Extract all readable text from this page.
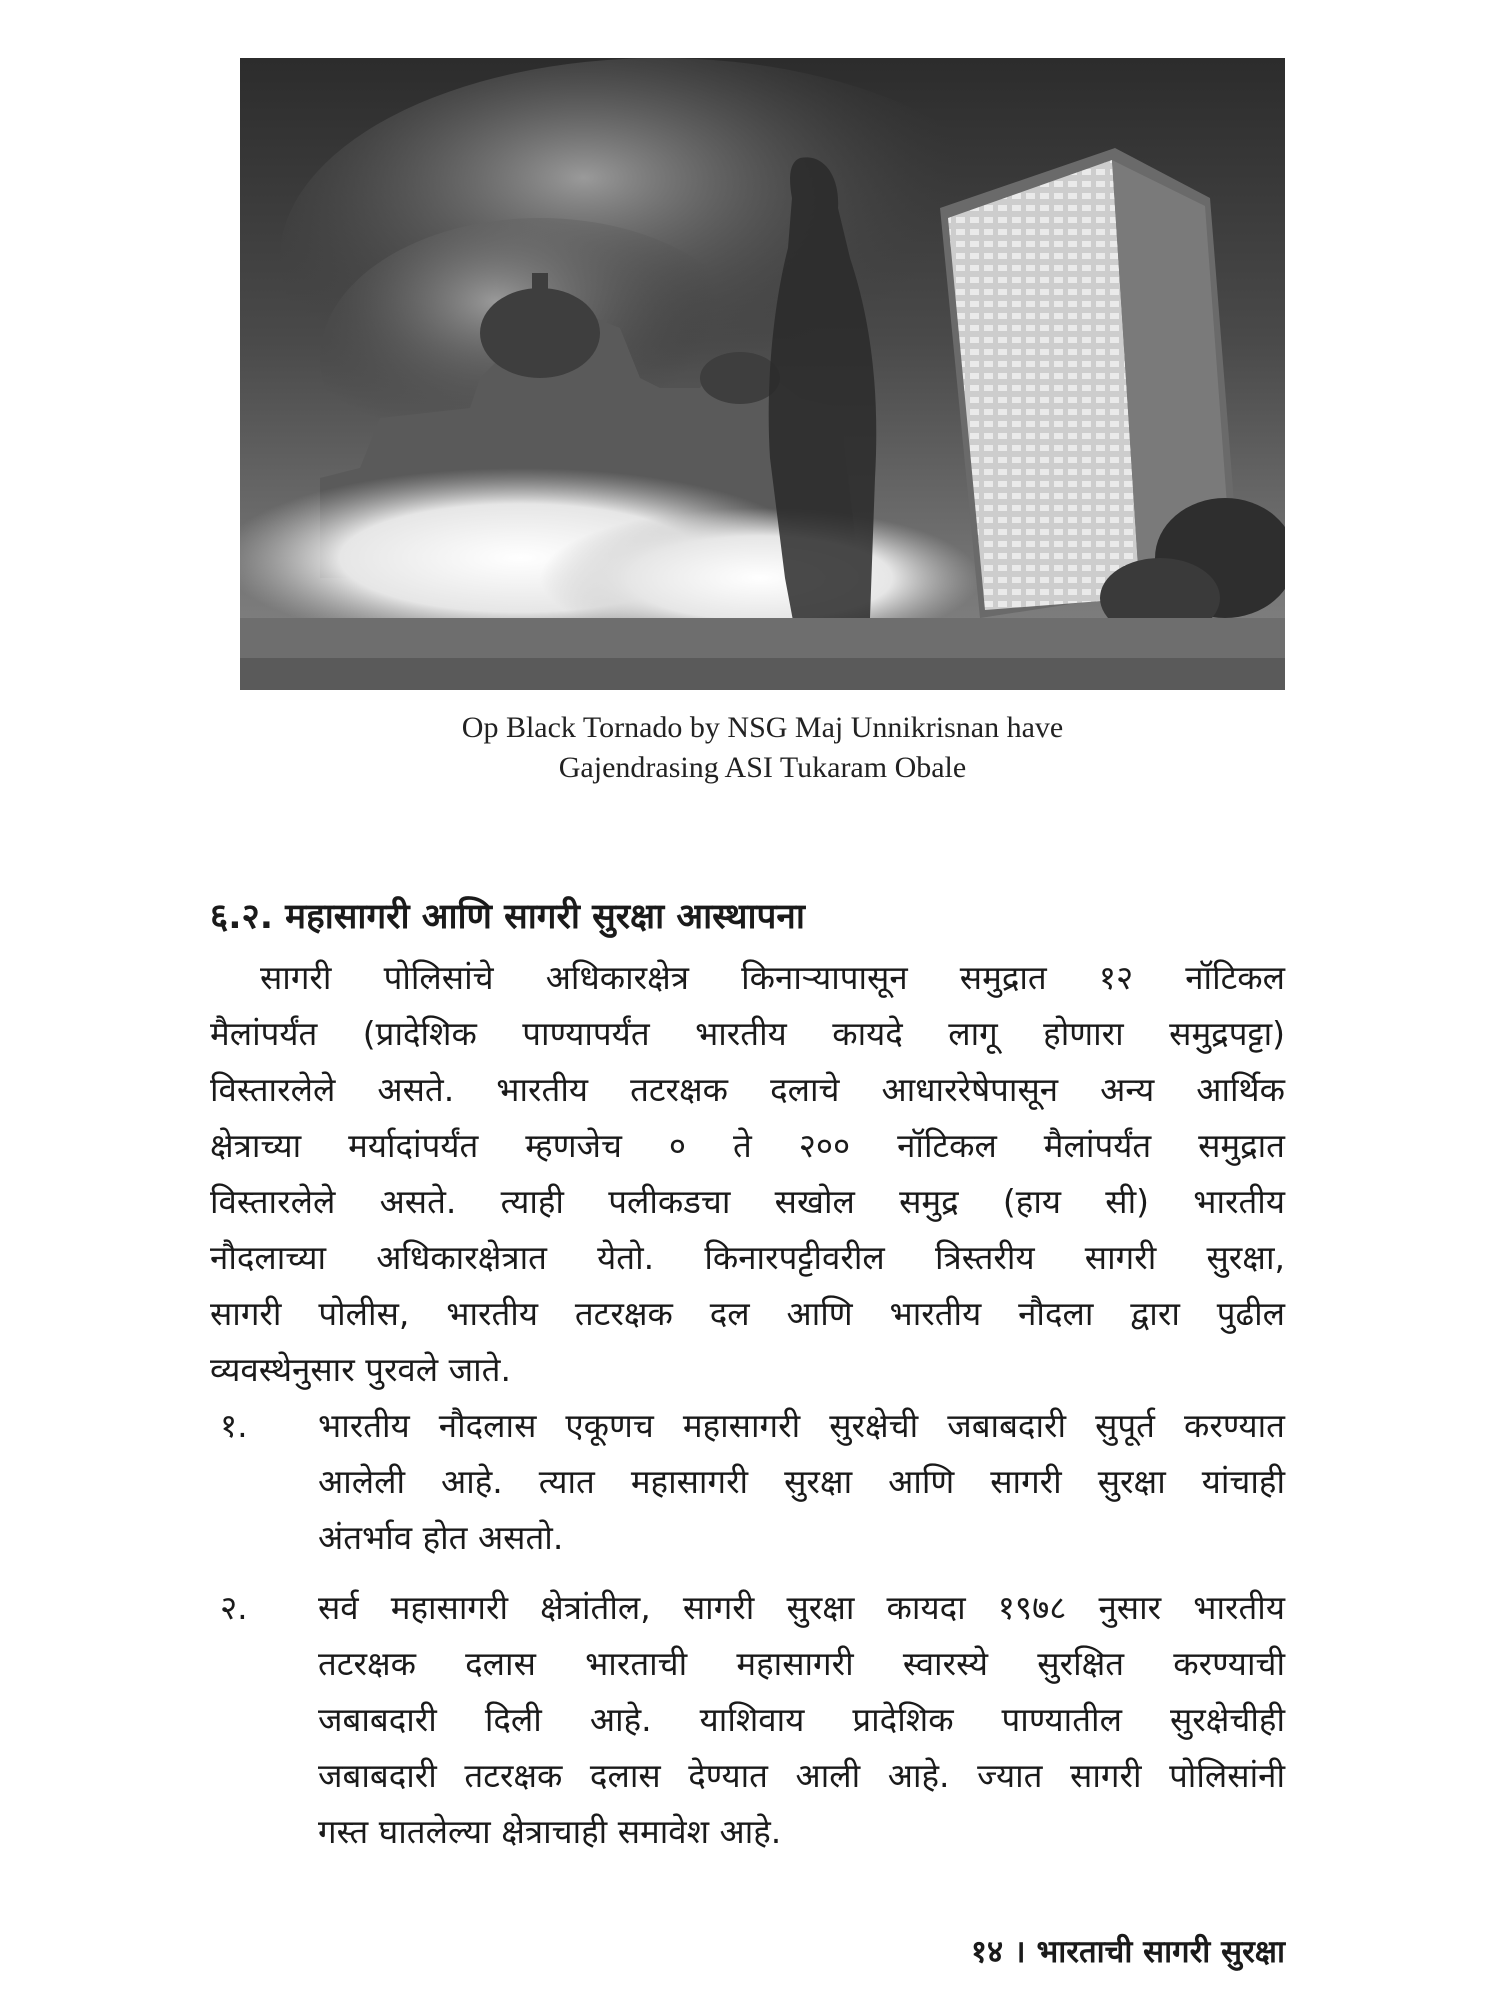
Op Black Tornado by NSG Maj Unnikrisnan have
Gajendrasing ASI Tukaram Obale
६.२. महासागरी आणि सागरी सुरक्षा आस्थापना
सागरी पोलिसांचे अधिकारक्षेत्र किनाऱ्यापासून समुद्रात १२ नॉटिकल
मैलांपर्यंत (प्रादेशिक पाण्यापर्यंत भारतीय कायदे लागू होणारा समुद्रपट्टा)
विस्तारलेले असते. भारतीय तटरक्षक दलाचे आधाररेषेपासून अन्य आर्थिक
क्षेत्राच्या मर्यादांपर्यंत म्हणजेच ० ते २०० नॉटिकल मैलांपर्यंत समुद्रात
विस्तारलेले असते. त्याही पलीकडचा सखोल समुद्र (हाय सी) भारतीय
नौदलाच्या अधिकारक्षेत्रात येतो. किनारपट्टीवरील त्रिस्तरीय सागरी सुरक्षा,
सागरी पोलीस, भारतीय तटरक्षक दल आणि भारतीय नौदला द्वारा पुढील
व्यवस्थेनुसार पुरवले जाते.
१. भारतीय नौदलास एकूणच महासागरी सुरक्षेची जबाबदारी सुपूर्त करण्यात
आलेली आहे. त्यात महासागरी सुरक्षा आणि सागरी सुरक्षा यांचाही
अंतर्भाव होत असतो.
२. सर्व महासागरी क्षेत्रांतील, सागरी सुरक्षा कायदा १९७८ नुसार भारतीय
तटरक्षक दलास भारताची महासागरी स्वारस्ये सुरक्षित करण्याची
जबाबदारी दिली आहे. याशिवाय प्रादेशिक पाण्यातील सुरक्षेचीही
जबाबदारी तटरक्षक दलास देण्यात आली आहे. ज्यात सागरी पोलिसांनी
गस्त घातलेल्या क्षेत्राचाही समावेश आहे.
१४ । भारताची सागरी सुरक्षा
